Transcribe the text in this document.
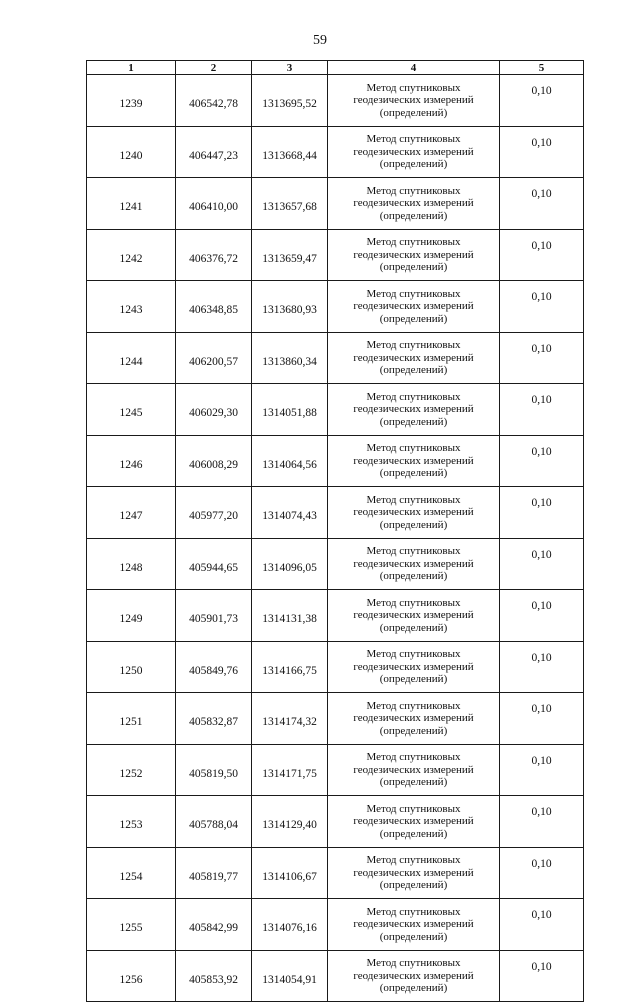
59
1	2	3	4	5
1239	406542,78	1313695,52	Метод спутниковых
геодезических измерений
(определений)	0,10
1240	406447,23	1313668,44	Метод спутниковых
геодезических измерений
(определений)	0,10
1241	406410,00	1313657,68	Метод спутниковых
геодезических измерений
(определений)	0,10
1242	406376,72	1313659,47	Метод спутниковых
геодезических измерений
(определений)	0,10
1243	406348,85	1313680,93	Метод спутниковых
геодезических измерений
(определений)	0,10
1244	406200,57	1313860,34	Метод спутниковых
геодезических измерений
(определений)	0,10
1245	406029,30	1314051,88	Метод спутниковых
геодезических измерений
(определений)	0,10
1246	406008,29	1314064,56	Метод спутниковых
геодезических измерений
(определений)	0,10
1247	405977,20	1314074,43	Метод спутниковых
геодезических измерений
(определений)	0,10
1248	405944,65	1314096,05	Метод спутниковых
геодезических измерений
(определений)	0,10
1249	405901,73	1314131,38	Метод спутниковых
геодезических измерений
(определений)	0,10
1250	405849,76	1314166,75	Метод спутниковых
геодезических измерений
(определений)	0,10
1251	405832,87	1314174,32	Метод спутниковых
геодезических измерений
(определений)	0,10
1252	405819,50	1314171,75	Метод спутниковых
геодезических измерений
(определений)	0,10
1253	405788,04	1314129,40	Метод спутниковых
геодезических измерений
(определений)	0,10
1254	405819,77	1314106,67	Метод спутниковых
геодезических измерений
(определений)	0,10
1255	405842,99	1314076,16	Метод спутниковых
геодезических измерений
(определений)	0,10
1256	405853,92	1314054,91	Метод спутниковых
геодезических измерений
(определений)	0,10
